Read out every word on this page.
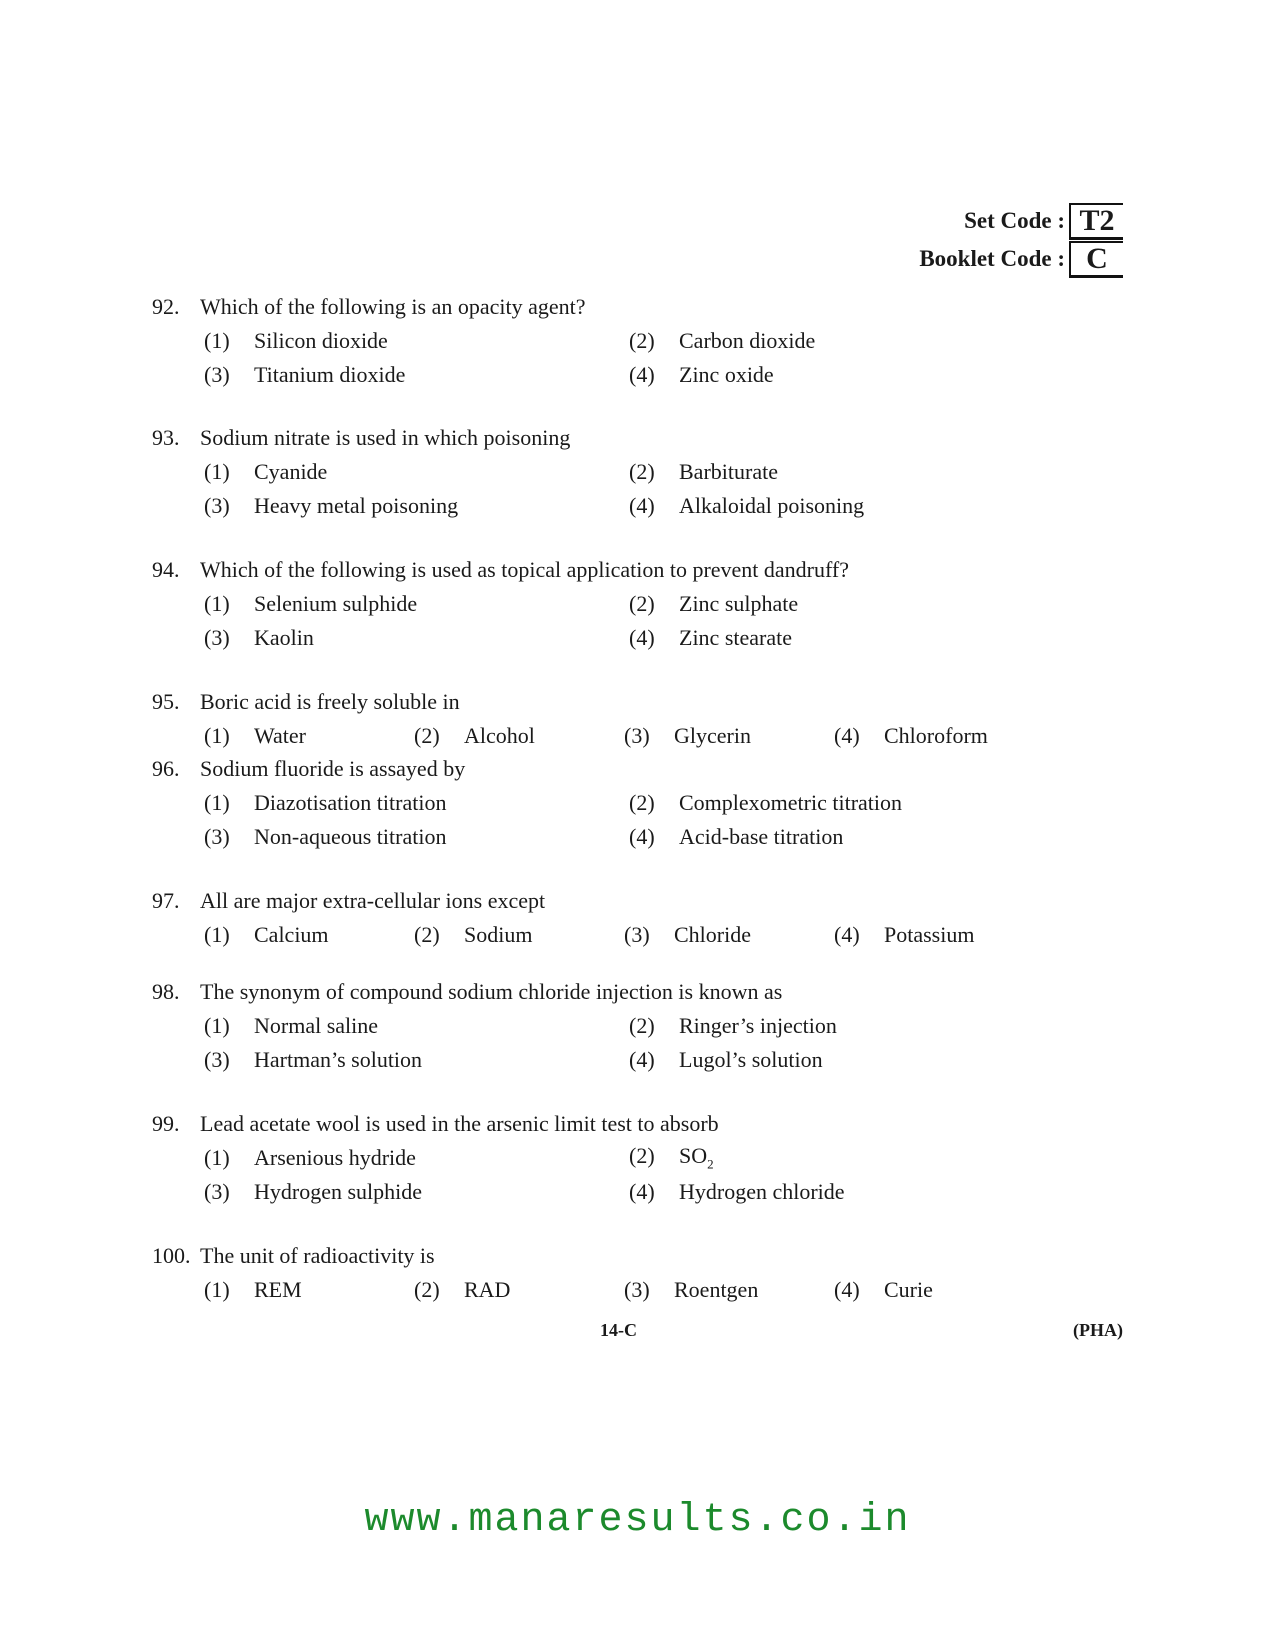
Set Code : T2
Booklet Code : C
92. Which of the following is an opacity agent?
(1)	Silicon dioxide	(2)	Carbon dioxide
(3)	Titanium dioxide	(4)	Zinc oxide
93. Sodium nitrate is used in which poisoning
(1)	Cyanide	(2)	Barbiturate
(3)	Heavy metal poisoning	(4)	Alkaloidal poisoning
94. Which of the following is used as topical application to prevent dandruff?
(1)	Selenium sulphide	(2)	Zinc sulphate
(3)	Kaolin	(4)	Zinc stearate
95. Boric acid is freely soluble in
(1)	Water	(2)	Alcohol	(3)	Glycerin	(4)	Chloroform
96. Sodium fluoride is assayed by
(1)	Diazotisation titration	(2)	Complexometric titration
(3)	Non-aqueous titration	(4)	Acid-base titration
97. All are major extra-cellular ions except
(1)	Calcium	(2)	Sodium	(3)	Chloride	(4)	Potassium
98. The synonym of compound sodium chloride injection is known as
(1)	Normal saline	(2)	Ringer’s injection
(3)	Hartman’s solution	(4)	Lugol’s solution
99. Lead acetate wool is used in the arsenic limit test to absorb
(1)	Arsenious hydride	(2)	$SO_2$
(3)	Hydrogen sulphide	(4)	Hydrogen chloride
100. The unit of radioactivity is
(1)	REM	(2)	RAD	(3)	Roentgen	(4)	Curie
14-C	(PHA)
www.manaresults.co.in
